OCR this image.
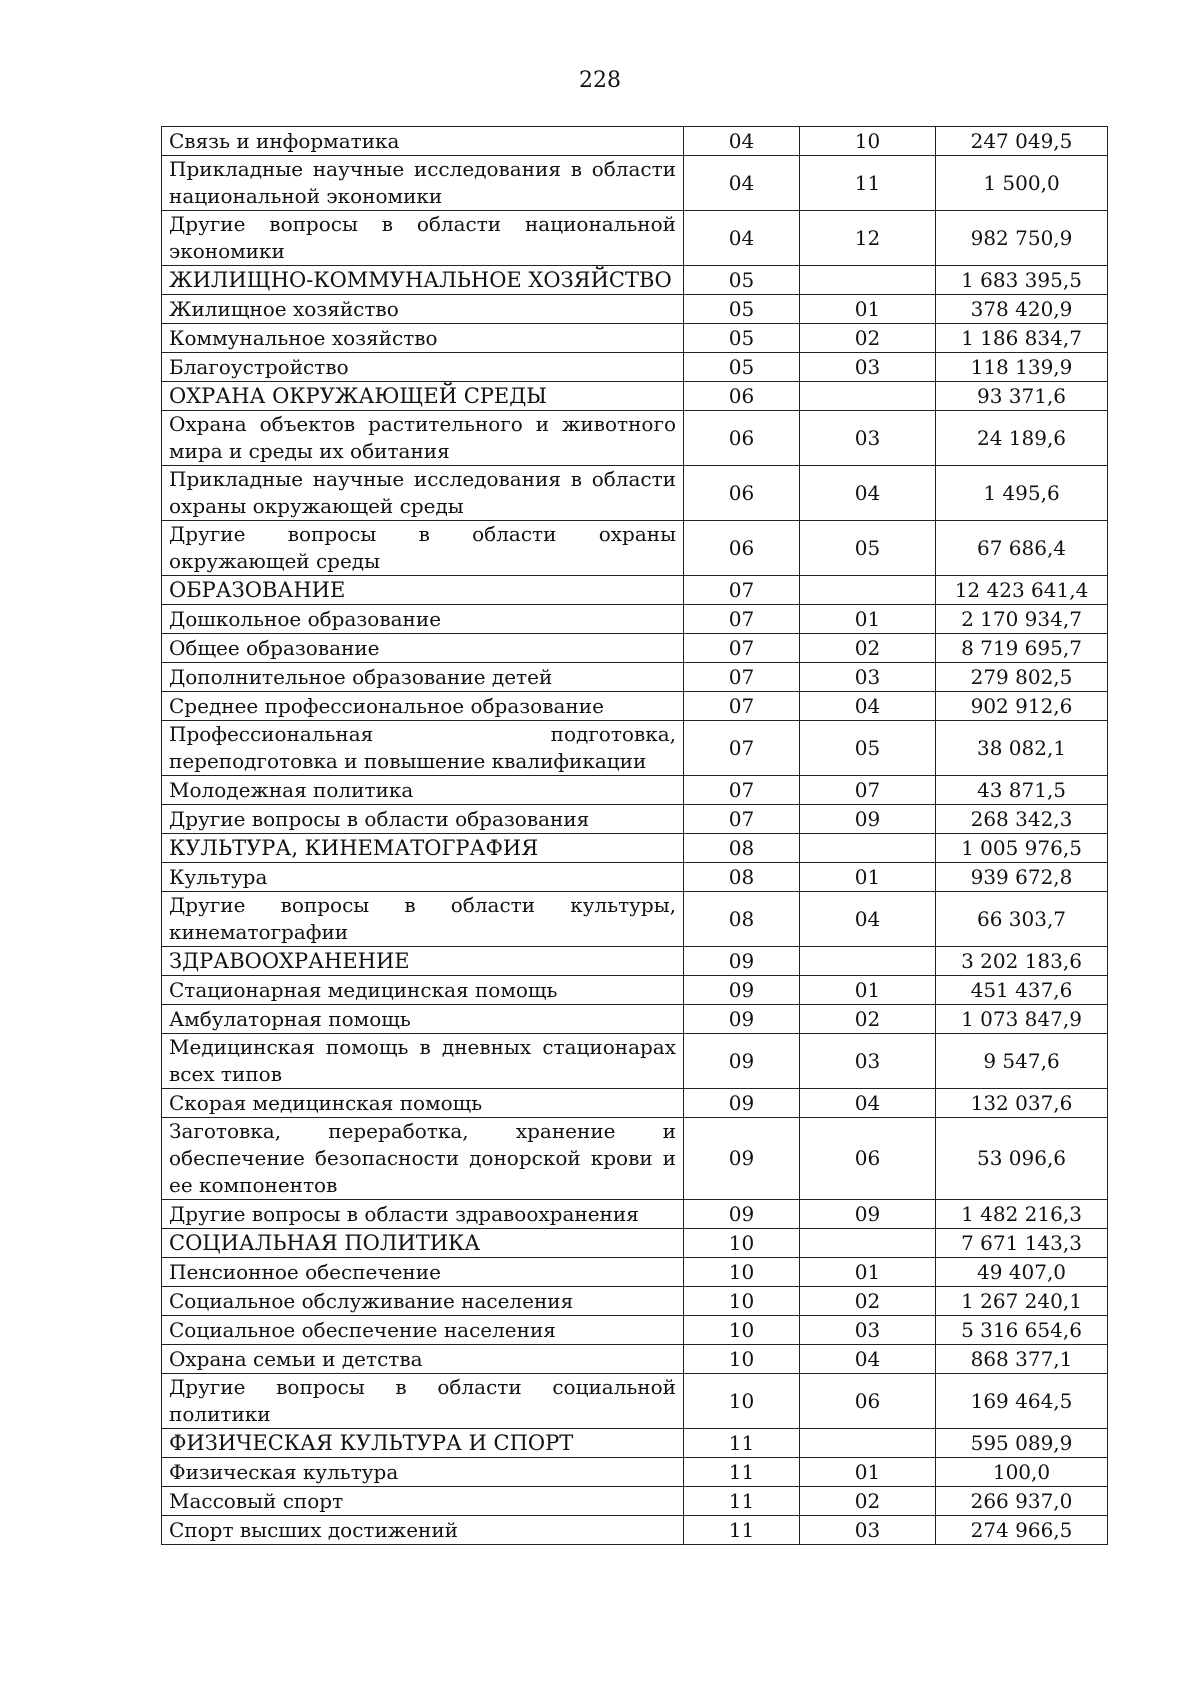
228
Связь и информатика	04	10	247 049,5
Прикладные научные исследования в области национальной экономики	04	11	1 500,0
Другие вопросы в области национальной экономики	04	12	982 750,9
ЖИЛИЩНО-КОММУНАЛЬНОЕ ХОЗЯЙСТВО	05		1 683 395,5
Жилищное хозяйство	05	01	378 420,9
Коммунальное хозяйство	05	02	1 186 834,7
Благоустройство	05	03	118 139,9
ОХРАНА ОКРУЖАЮЩЕЙ СРЕДЫ	06		93 371,6
Охрана объектов растительного и животного мира и среды их обитания	06	03	24 189,6
Прикладные научные исследования в области охраны окружающей среды	06	04	1 495,6
Другие вопросы в области охраны окружающей среды	06	05	67 686,4
ОБРАЗОВАНИЕ	07		12 423 641,4
Дошкольное образование	07	01	2 170 934,7
Общее образование	07	02	8 719 695,7
Дополнительное образование детей	07	03	279 802,5
Среднее профессиональное образование	07	04	902 912,6
Профессиональная подготовка, переподготовка и повышение квалификации	07	05	38 082,1
Молодежная политика	07	07	43 871,5
Другие вопросы в области образования	07	09	268 342,3
КУЛЬТУРА, КИНЕМАТОГРАФИЯ	08		1 005 976,5
Культура	08	01	939 672,8
Другие вопросы в области культуры, кинематографии	08	04	66 303,7
ЗДРАВООХРАНЕНИЕ	09		3 202 183,6
Стационарная медицинская помощь	09	01	451 437,6
Амбулаторная помощь	09	02	1 073 847,9
Медицинская помощь в дневных стационарах всех типов	09	03	9 547,6
Скорая медицинская помощь	09	04	132 037,6
Заготовка, переработка, хранение и обеспечение безопасности донорской крови и ее компонентов	09	06	53 096,6
Другие вопросы в области здравоохранения	09	09	1 482 216,3
СОЦИАЛЬНАЯ ПОЛИТИКА	10		7 671 143,3
Пенсионное обеспечение	10	01	49 407,0
Социальное обслуживание населения	10	02	1 267 240,1
Социальное обеспечение населения	10	03	5 316 654,6
Охрана семьи и детства	10	04	868 377,1
Другие вопросы в области социальной политики	10	06	169 464,5
ФИЗИЧЕСКАЯ КУЛЬТУРА И СПОРТ	11		595 089,9
Физическая культура	11	01	100,0
Массовый спорт	11	02	266 937,0
Спорт высших достижений	11	03	274 966,5
